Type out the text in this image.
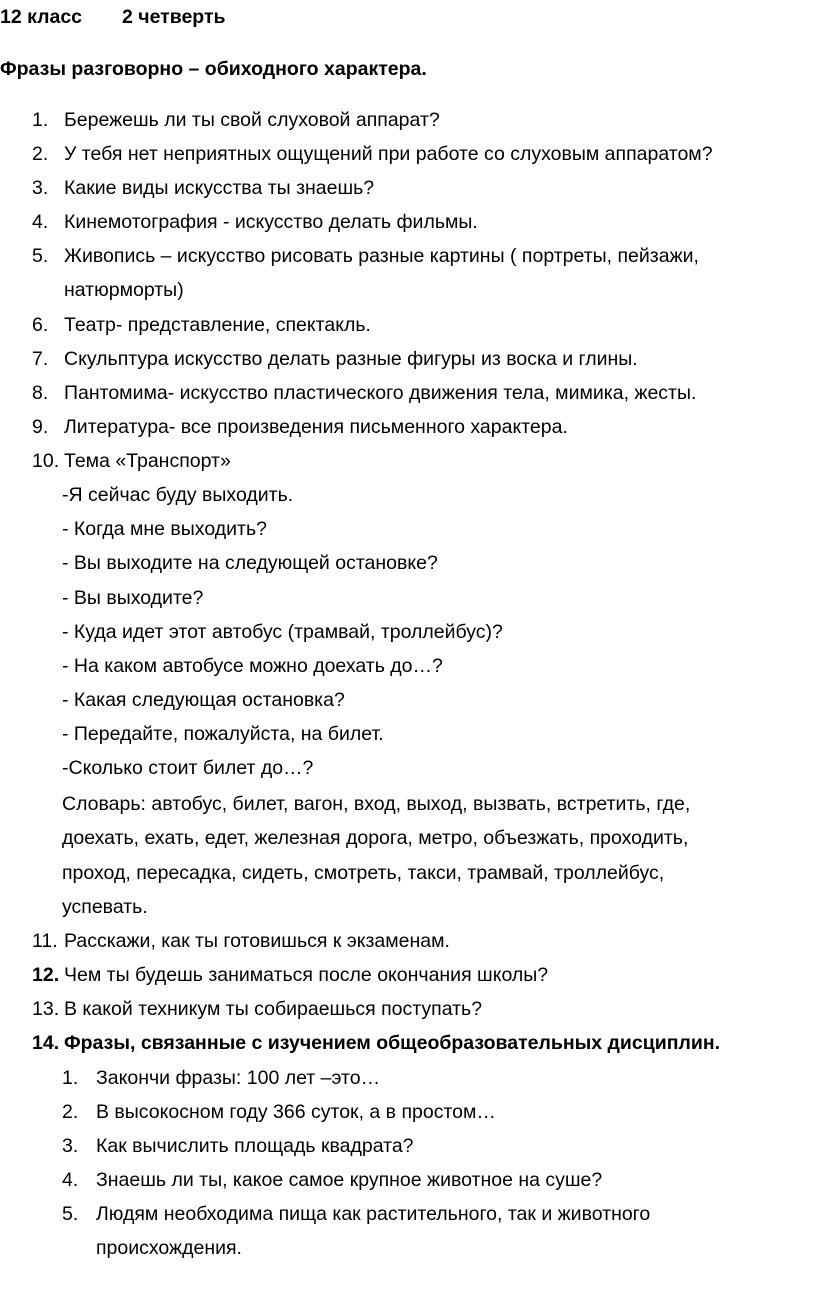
12 класс 2 четверть
Фразы разговорно – обиходного характера.
1. Бережешь ли ты свой слуховой аппарат?
2. У тебя нет неприятных ощущений при работе со слуховым аппаратом?
3. Какие виды искусства ты знаешь?
4. Кинемотография - искусство делать фильмы.
5. Живопись – искусство рисовать разные картины ( портреты, пейзажи,
натюрморты)
6. Театр- представление, спектакль.
7. Скульптура искусство делать разные фигуры из воска и глины.
8. Пантомима- искусство пластического движения тела, мимика, жесты.
9. Литература- все произведения письменного характера.
10. Тема «Транспорт»
-Я сейчас буду выходить.
- Когда мне выходить?
- Вы выходите на следующей остановке?
- Вы выходите?
- Куда идет этот автобус (трамвай, троллейбус)?
- На каком автобусе можно доехать до…?
- Какая следующая остановка?
- Передайте, пожалуйста, на билет.
-Сколько стоит билет до…?
Словарь: автобус, билет, вагон, вход, выход, вызвать, встретить, где,
доехать, ехать, едет, железная дорога, метро, объезжать, проходить,
проход, пересадка, сидеть, смотреть, такси, трамвай, троллейбус,
успевать.
11. Расскажи, как ты готовишься к экзаменам.
12. Чем ты будешь заниматься после окончания школы?
13. В какой техникум ты собираешься поступать?
14. Фразы, связанные с изучением общеобразовательных дисциплин.
1. Закончи фразы: 100 лет –это…
2. В высокосном году 366 суток, а в простом…
3. Как вычислить площадь квадрата?
4. Знаешь ли ты, какое самое крупное животное на суше?
5. Людям необходима пища как растительного, так и животного
происхождения.
